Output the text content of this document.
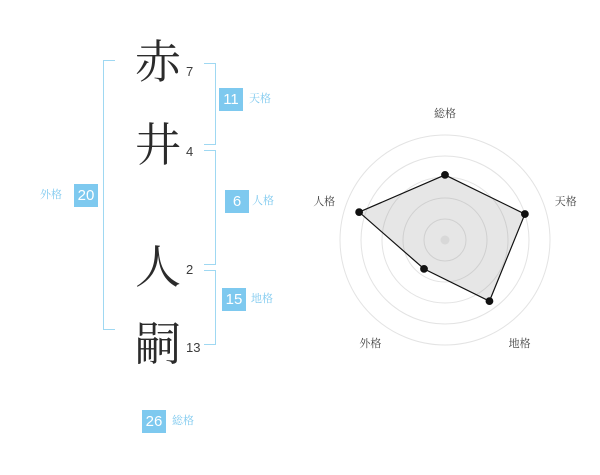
赤 7
井 4
人 2
嗣 13
11 天格
6 人格
15 地格
外格 20
26 総格
総格
天格
地格
外格
人格
